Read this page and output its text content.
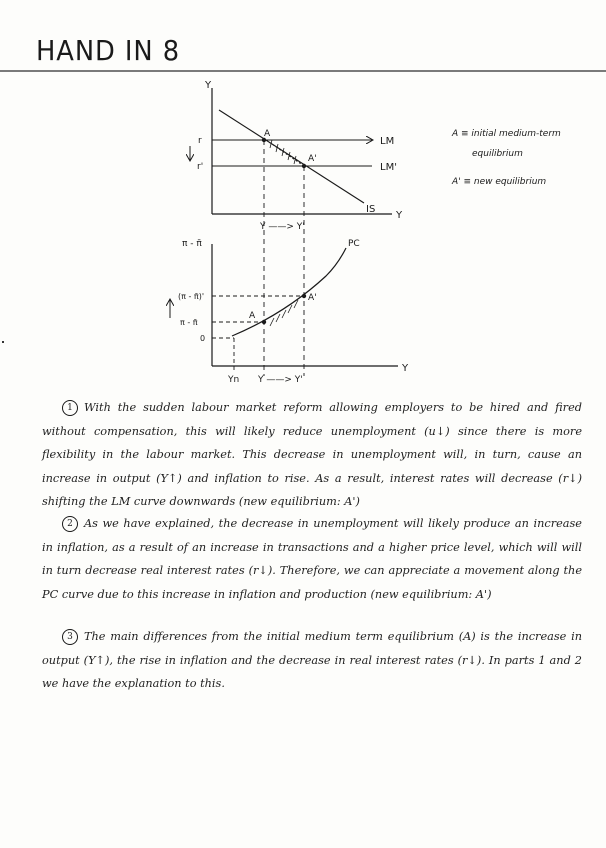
HAND IN 8
Y
Y
LM
LM'
IS
r
r'
A
A'
Y ——> Y'
A ≡ initial medium-term
equilibrium
A' ≡ new equilibrium
π - π̄
Y
PC
(π - π̄)'
π - π̄
0
A
A'
Yn Y ——> Y'
1 With the sudden labour market reform allowing employers to be hired and fired without compensation, this will likely reduce unemployment (u↓) since there is more flexibility in the labour market. This decrease in unemployment will, in turn, cause an increase in output (Y↑) and inflation to rise. As a result, interest rates will decrease (r↓) shifting the LM curve downwards (new equilibrium: A')
2 As we have explained, the decrease in unemployment will likely produce an increase in inflation, as a result of an increase in transactions and a higher price level, which will will in turn decrease real interest rates (r↓). Therefore, we can appreciate a movement along the PC curve due to this increase in inflation and production (new equilibrium: A')
3 The main differences from the initial medium term equilibrium (A) is the increase in output (Y↑), the rise in inflation and the decrease in real interest rates (r↓). In parts 1 and 2 we have the explanation to this.
